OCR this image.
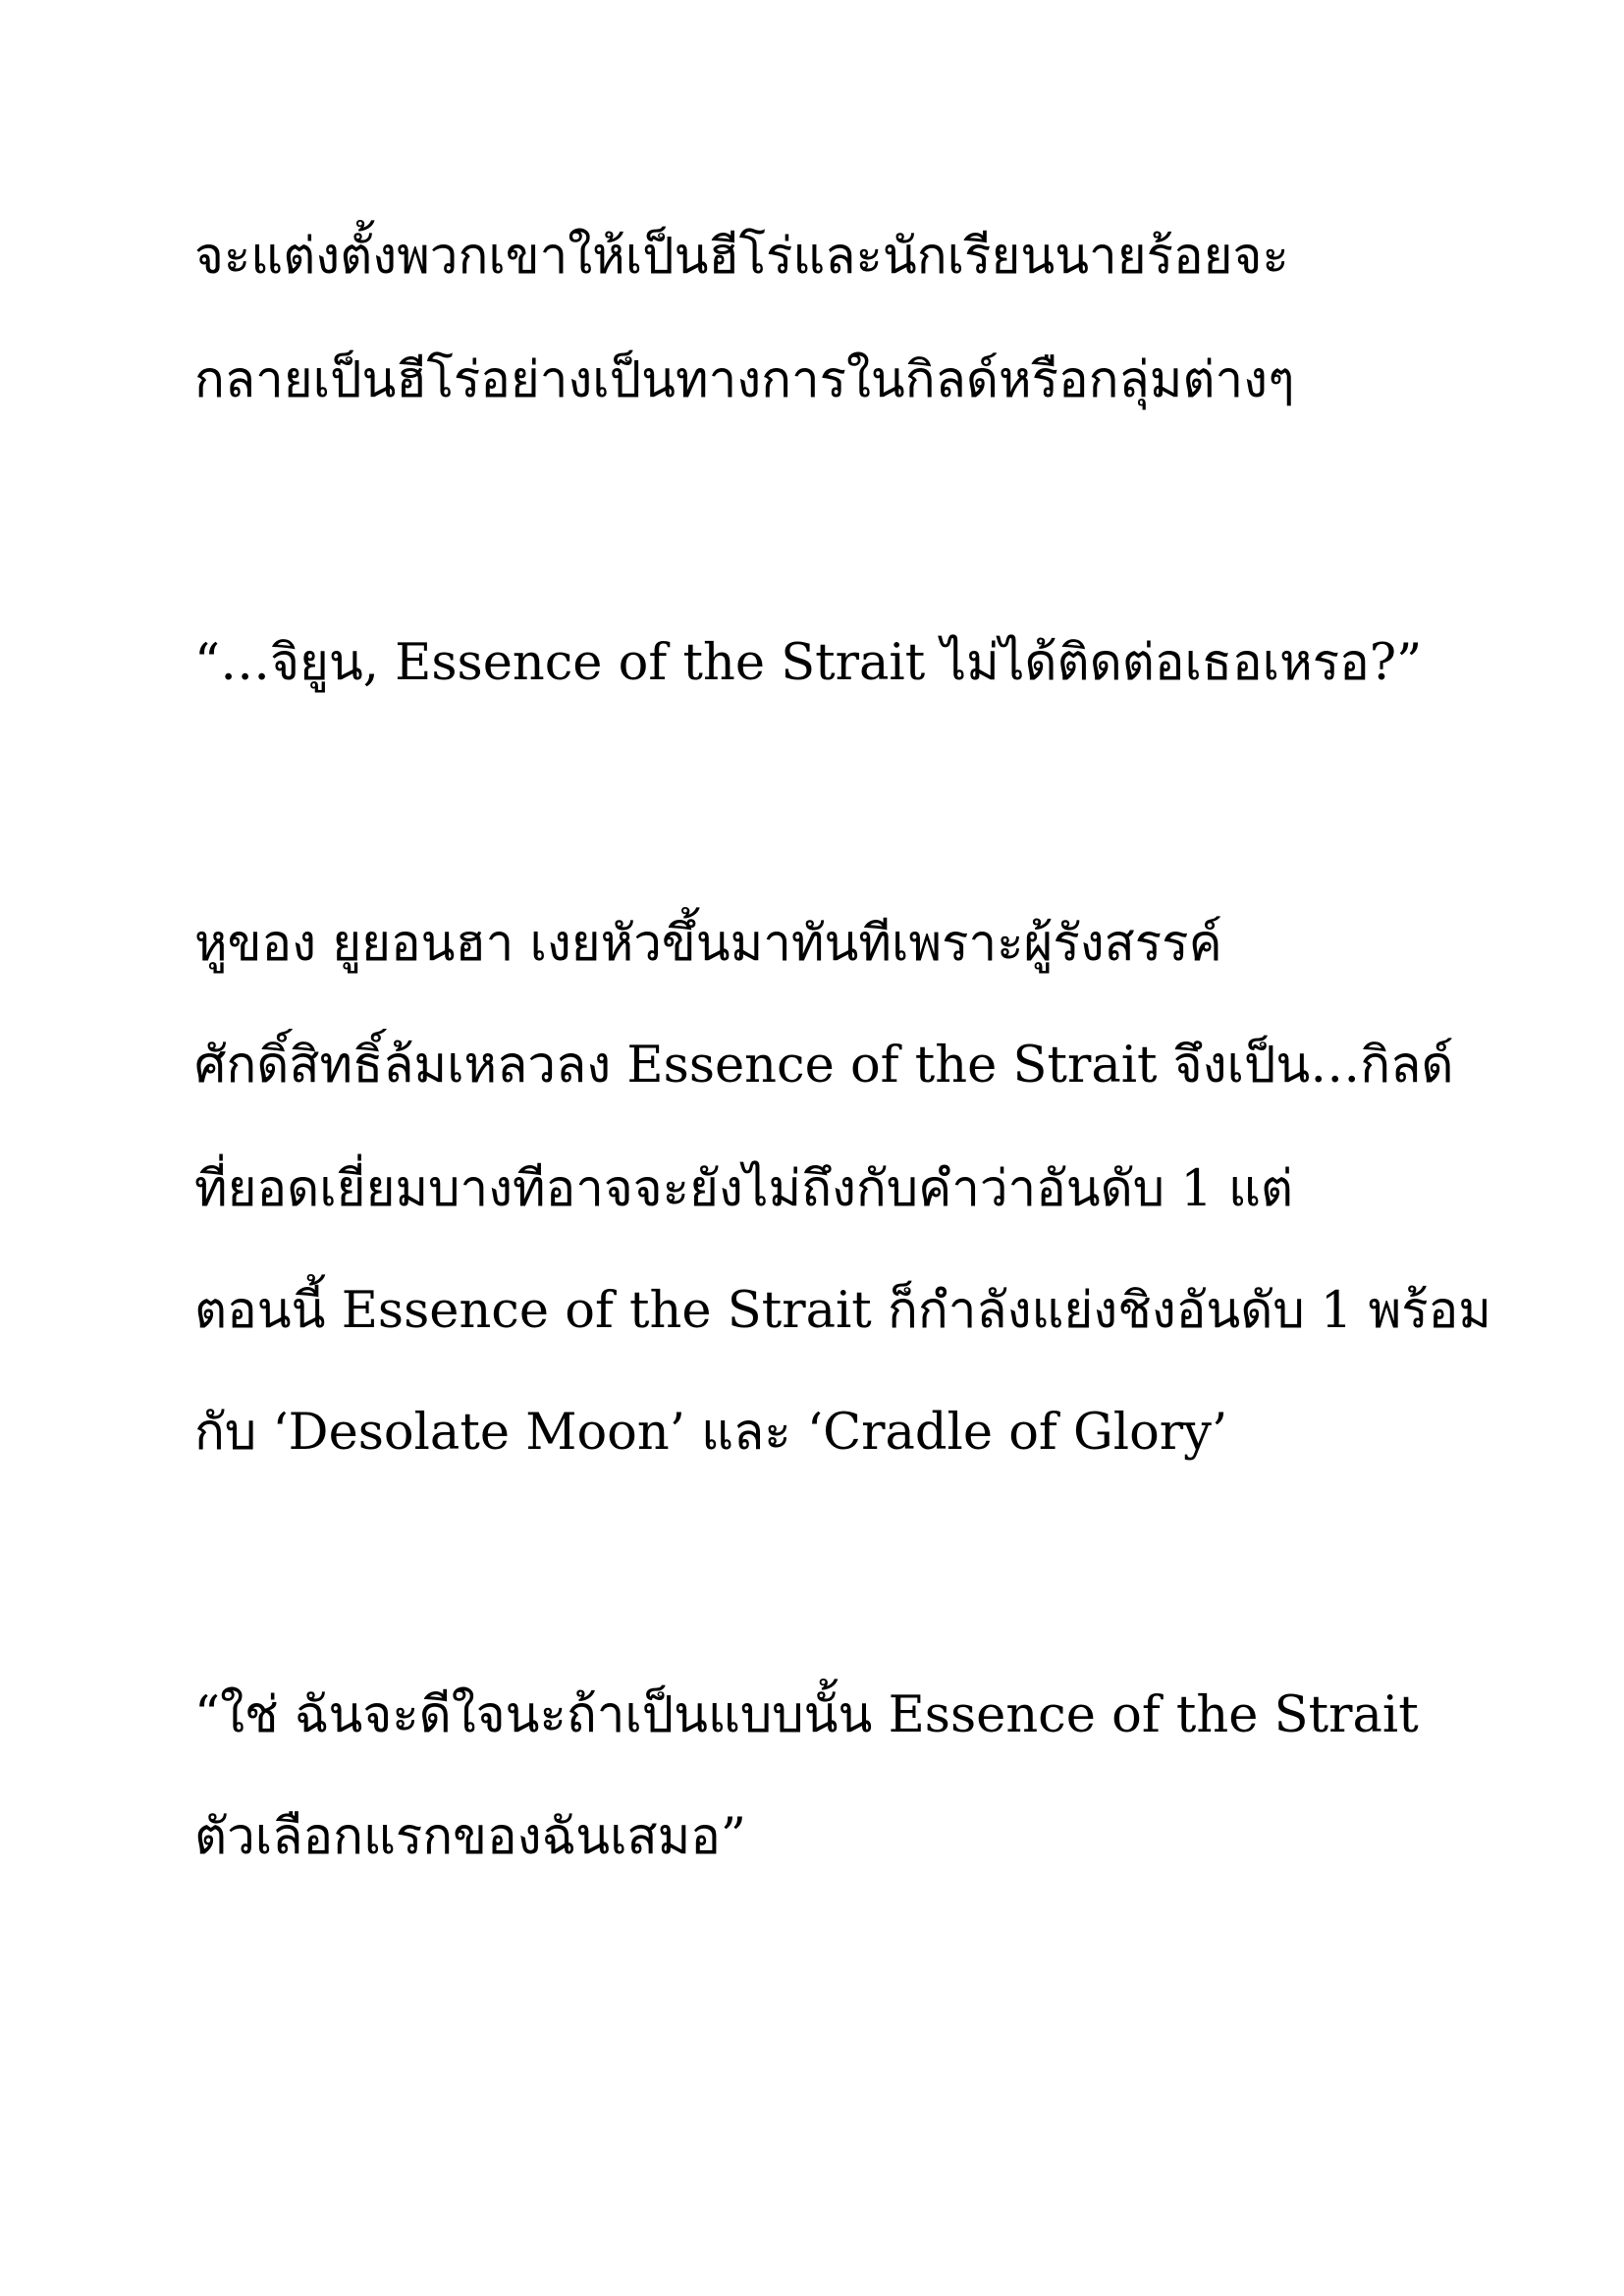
จะแต่งตั้งพวกเขาให้เป็นฮีโร่และนักเรียนนายร้อยจะ
กลายเป็นฮีโร่อย่างเป็นทางการในกิลด์หรือกลุ่มต่างๆ
“…จิยูน, Essence of the Strait ไม่ได้ติดต่อเธอเหรอ?”
หูของ ยูยอนฮา เงยหัวขึ้นมาทันทีเพราะผู้รังสรรค์
ศักดิ์สิทธิ์ล้มเหลวลง Essence of the Strait จึงเป็น…กิลด์
ที่ยอดเยี่ยมบางทีอาจจะยังไม่ถึงกับคำว่าอันดับ 1 แต่
ตอนนี้ Essence of the Strait ก็กำลังแย่งชิงอันดับ 1 พร้อม
กับ ‘Desolate Moon’ และ ‘Cradle of Glory’
“ใช่ ฉันจะดีใจนะถ้าเป็นแบบนั้น Essence of the Strait
ตัวเลือกแรกของฉันเสมอ”
